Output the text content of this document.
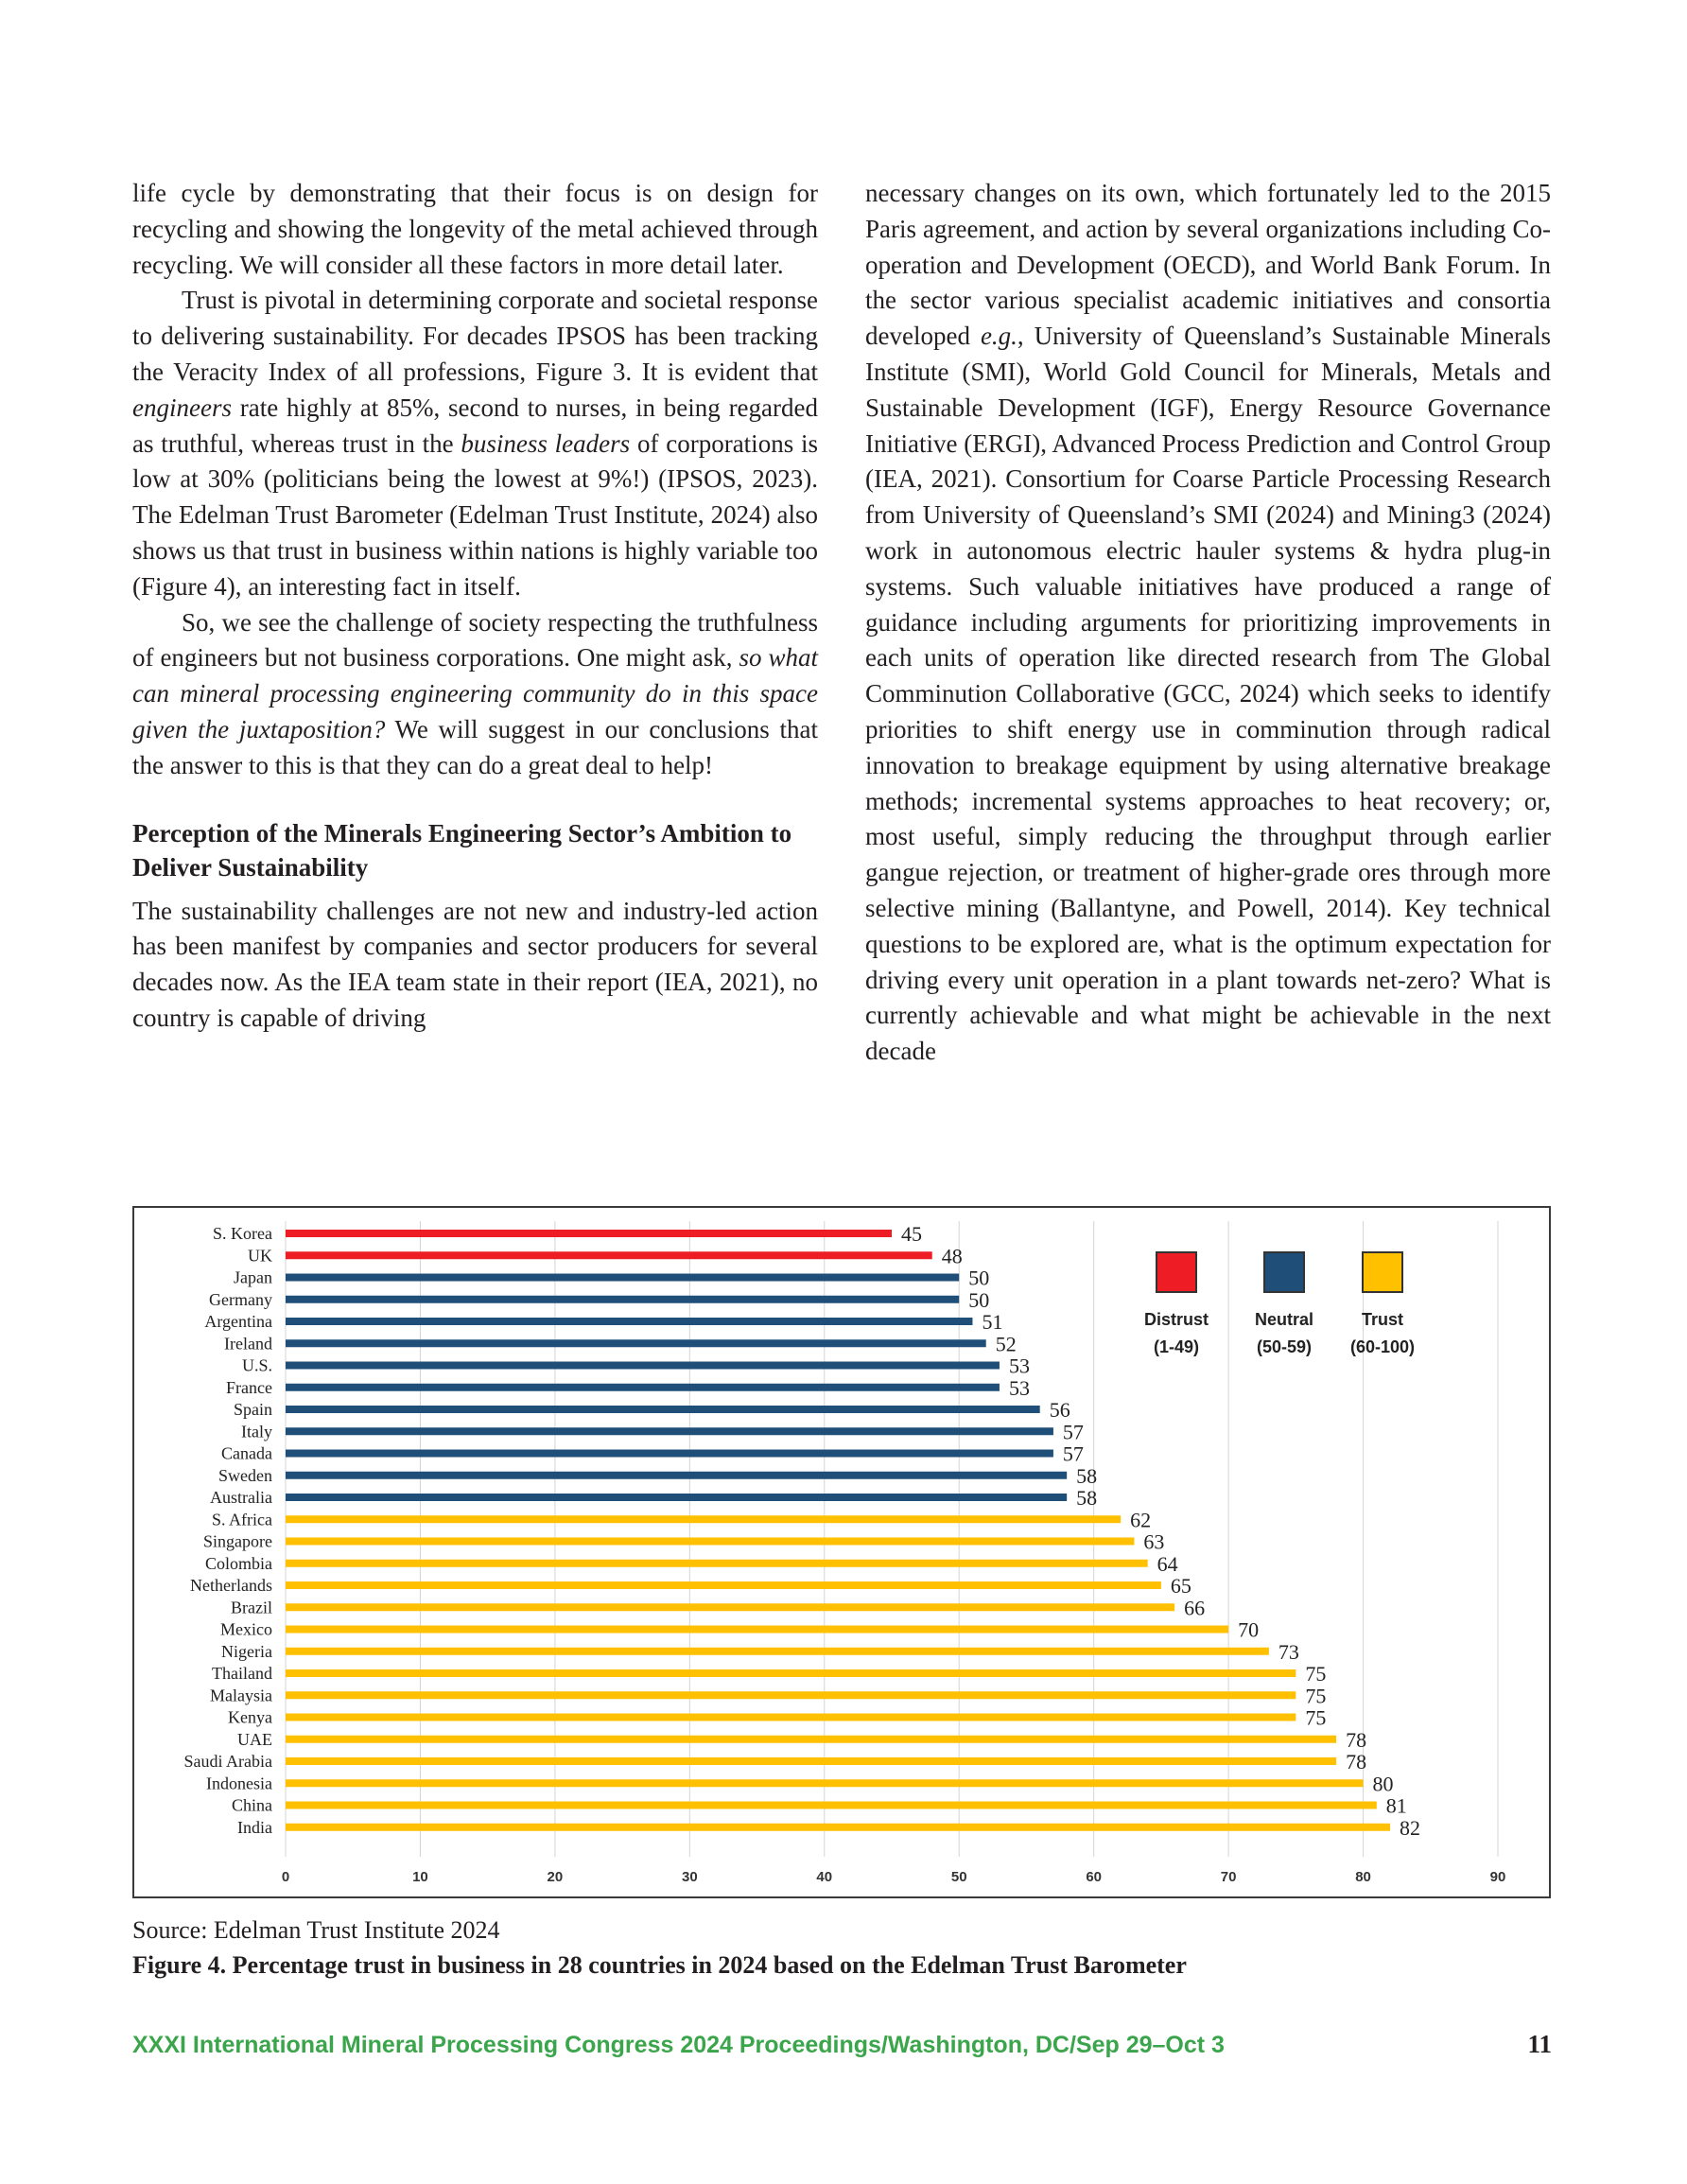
life cycle by demonstrating that their focus is on design for recycling and showing the longevity of the metal achieved through recycling. We will consider all these factors in more detail later.

Trust is pivotal in determining corporate and societal response to delivering sustainability. For decades IPSOS has been tracking the Veracity Index of all professions, Figure 3. It is evident that engineers rate highly at 85%, second to nurses, in being regarded as truthful, whereas trust in the business leaders of corporations is low at 30% (politicians being the lowest at 9%!) (IPSOS, 2023). The Edelman Trust Barometer (Edelman Trust Institute, 2024) also shows us that trust in business within nations is highly variable too (Figure 4), an interesting fact in itself.

So, we see the challenge of society respecting the truthfulness of engineers but not business corporations. One might ask, so what can mineral processing engineering community do in this space given the juxtaposition? We will suggest in our conclusions that the answer to this is that they can do a great deal to help!

Perception of the Minerals Engineering Sector’s Ambition to Deliver Sustainability

The sustainability challenges are not new and industry-led action has been manifest by companies and sector producers for several decades now. As the IEA team state in their report (IEA, 2021), no country is capable of driving

necessary changes on its own, which fortunately led to the 2015 Paris agreement, and action by several organizations including Co-operation and Development (OECD), and World Bank Forum. In the sector various specialist academic initiatives and consortia developed e.g., University of Queensland’s Sustainable Minerals Institute (SMI), World Gold Council for Minerals, Metals and Sustainable Development (IGF), Energy Resource Governance Initiative (ERGI), Advanced Process Prediction and Control Group (IEA, 2021). Consortium for Coarse Particle Processing Research from University of Queensland’s SMI (2024) and Mining3 (2024) work in autonomous electric hauler systems & hydra plug-in systems. Such valuable initiatives have produced a range of guidance including arguments for prioritizing improvements in each units of operation like directed research from The Global Comminution Collaborative (GCC, 2024) which seeks to identify priorities to shift energy use in comminution through radical innovation to breakage equipment by using alternative breakage methods; incremental systems approaches to heat recovery; or, most useful, simply reducing the throughput through earlier gangue rejection, or treatment of higher-grade ores through more selective mining (Ballantyne, and Powell, 2014). Key technical questions to be explored are, what is the optimum expectation for driving every unit operation in a plant towards net-zero? What is currently achievable and what might be achievable in the next decade

0	10	20	30	40	50	60	70	80	90
S. Korea	45
UK	48
Japan	50
Germany	50
Argentina	51
Ireland	52
U.S.	53
France	53
Spain	56
Italy	57
Canada	57
Sweden	58
Australia	58
S. Africa	62
Singapore	63
Colombia	64
Netherlands	65
Brazil	66
Mexico	70
Nigeria	73
Thailand	75
Malaysia	75
Kenya	75
UAE	78
Saudi Arabia	78
Indonesia	80
China	81
India	82
Distrust
(1-49)
Neutral
(50-59)
Trust
(60-100)
Source: Edelman Trust Institute 2024
Figure 4. Percentage trust in business in 28 countries in 2024 based on the Edelman Trust Barometer
XXXI International Mineral Processing Congress 2024 Proceedings/Washington, DC/Sep 29–Oct 3	11
